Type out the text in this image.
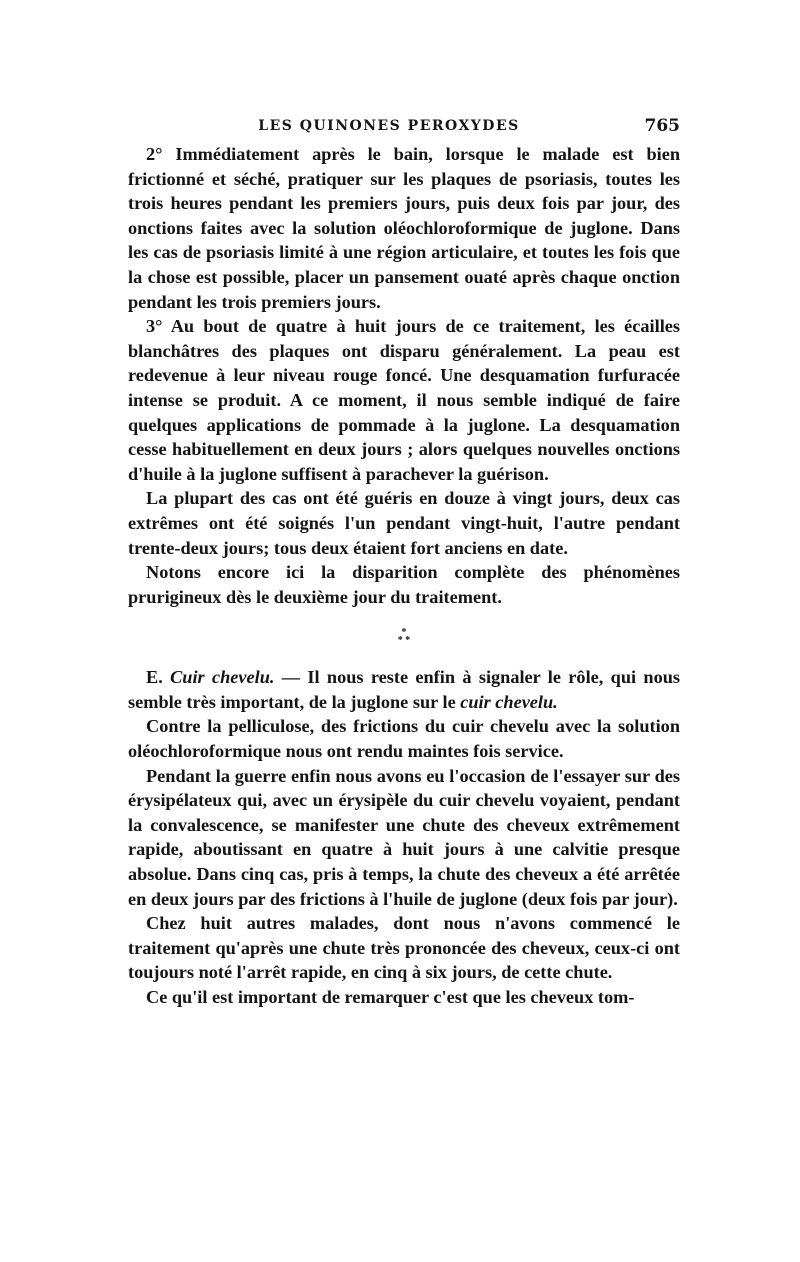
LES QUINONES PEROXYDES	765

2° Immédiatement après le bain, lorsque le malade est bien frictionné et séché, pratiquer sur les plaques de psoriasis, toutes les trois heures pendant les premiers jours, puis deux fois par jour, des onctions faites avec la solution oléochloroformique de juglone. Dans les cas de psoriasis limité à une région articulaire, et toutes les fois que la chose est possible, placer un pansement ouaté après chaque onction pendant les trois premiers jours.

3° Au bout de quatre à huit jours de ce traitement, les écailles blanchâtres des plaques ont disparu généralement. La peau est redevenue à leur niveau rouge foncé. Une desquamation furfuracée intense se produit. A ce moment, il nous semble indiqué de faire quelques applications de pommade à la juglone. La desquamation cesse habituellement en deux jours ; alors quelques nouvelles onctions d'huile à la juglone suffisent à parachever la guérison.

La plupart des cas ont été guéris en douze à vingt jours, deux cas extrêmes ont été soignés l'un pendant vingt-huit, l'autre pendant trente-deux jours; tous deux étaient fort anciens en date.

Notons encore ici la disparition complète des phénomènes prurigineux dès le deuxième jour du traitement.

*
* *

E. Cuir chevelu. — Il nous reste enfin à signaler le rôle, qui nous semble très important, de la juglone sur le cuir chevelu.

Contre la pelliculose, des frictions du cuir chevelu avec la solution oléochloroformique nous ont rendu maintes fois service.

Pendant la guerre enfin nous avons eu l'occasion de l'essayer sur des érysipélateux qui, avec un érysipèle du cuir chevelu voyaient, pendant la convalescence, se manifester une chute des cheveux extrêmement rapide, aboutissant en quatre à huit jours à une calvitie presque absolue. Dans cinq cas, pris à temps, la chute des cheveux a été arrêtée en deux jours par des frictions à l'huile de juglone (deux fois par jour).

Chez huit autres malades, dont nous n'avons commencé le traitement qu'après une chute très prononcée des cheveux, ceux-ci ont toujours noté l'arrêt rapide, en cinq à six jours, de cette chute.

Ce qu'il est important de remarquer c'est que les cheveux tom-
